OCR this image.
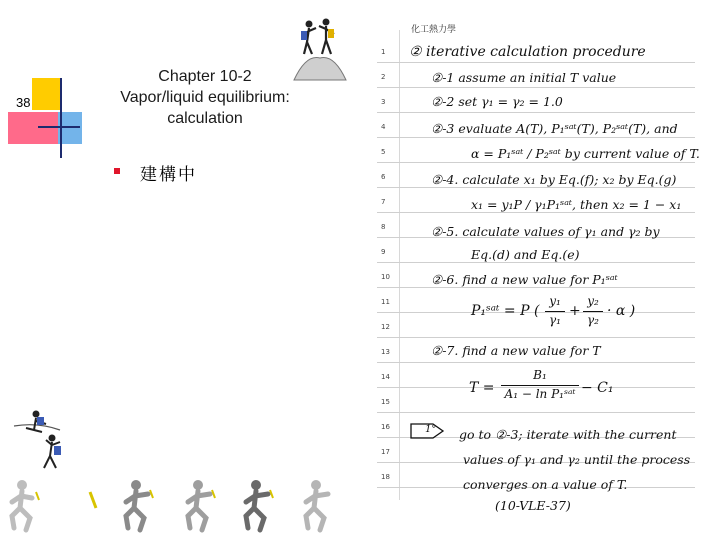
38
Chapter 10-2
Vapor/liquid equilibrium:
calculation
建構中
化工熱力學
1
2
3
4
5
6
7
8
9
10
11
12
13
14
15
16
17
18
② iterative calculation procedure
②-1 assume an initial T value
②-2 set γ₁ = γ₂ = 1.0
②-3 evaluate A(T), P₁ˢᵃᵗ(T), P₂ˢᵃᵗ(T), and
α = P₁ˢᵃᵗ / P₂ˢᵃᵗ by current value of T.
②-4. calculate x₁ by Eq.(f); x₂ by Eq.(g)
x₁ = y₁P / γ₁P₁ˢᵃᵗ, then x₂ = 1 − x₁
②-5. calculate values of γ₁ and γ₂ by
Eq.(d) and Eq.(e)
②-6. find a new value for P₁ˢᵃᵗ
P₁ˢᵃᵗ = P (
y₁
γ₁
+
y₂
γ₂
· α )
②-7. find a new value for T
T =
B₁
A₁ − ln P₁ˢᵃᵗ − C₁
1° go to ②-3; iterate with the current
values of γ₁ and γ₂ until the process
converges on a value of T.
(10-VLE-37)
